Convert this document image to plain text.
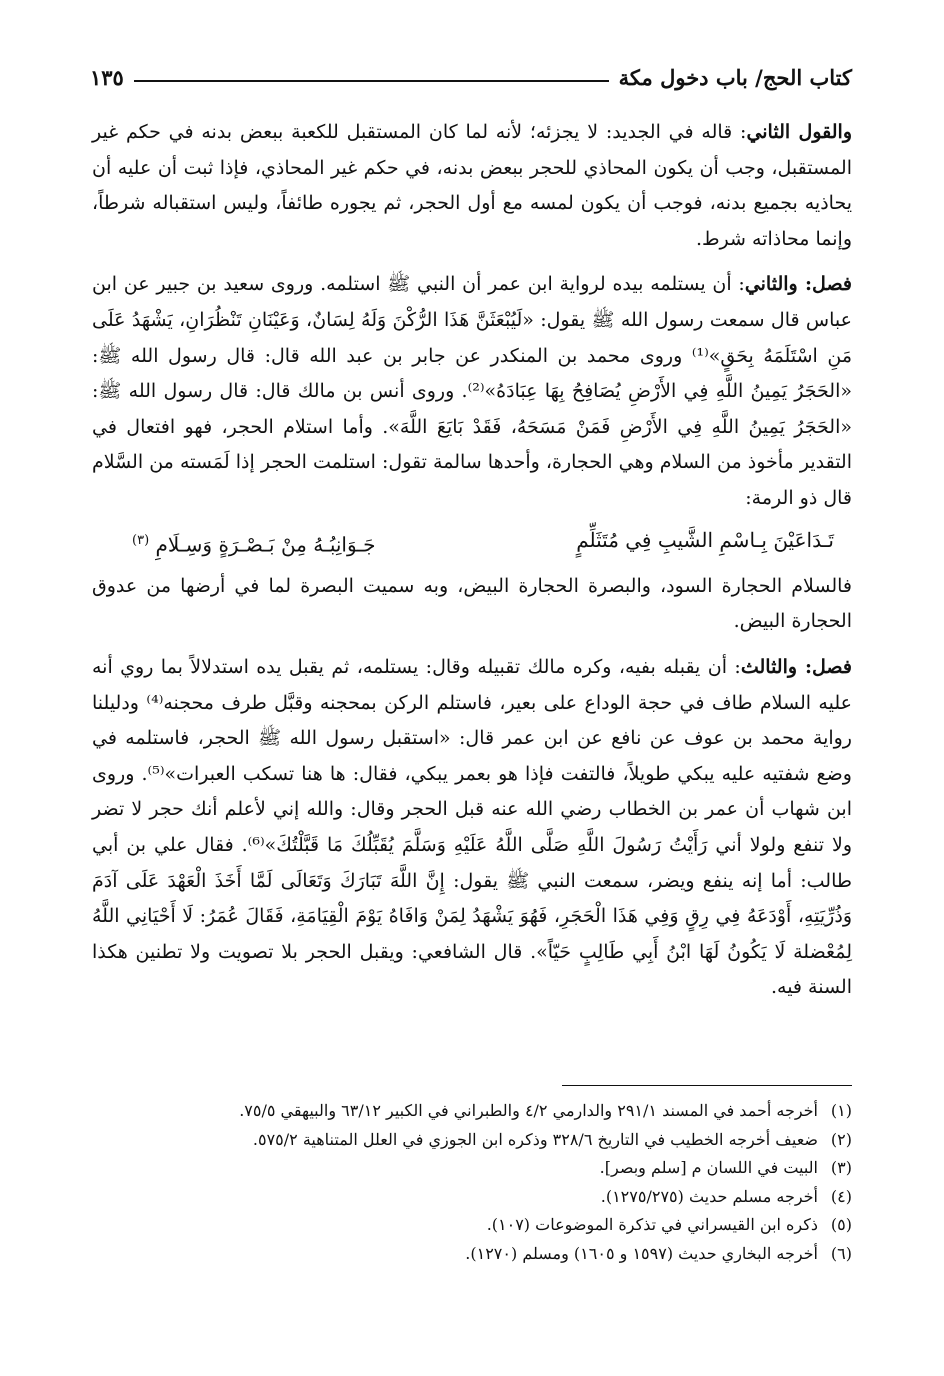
١٣٥	كتاب الحج/ باب دخول مكة

والقول الثاني: قاله في الجديد: لا يجزئه؛ لأنه لما كان المستقبل للكعبة ببعض بدنه في حكم غير المستقبل، وجب أن يكون المحاذي للحجر ببعض بدنه، في حكم غير المحاذي، فإذا ثبت أن عليه أن يحاذيه بجميع بدنه، فوجب أن يكون لمسه مع أول الحجر، ثم يجوره طائفاً، وليس استقباله شرطاً، وإنما محاذاته شرط.

فصل: والثاني: أن يستلمه بيده لرواية ابن عمر أن النبي ﷺ استلمه. وروى سعيد بن جبير عن ابن عباس قال سمعت رسول الله ﷺ يقول: «لَيُبْعَثَنَّ هَذَا الرُّكْنَ وَلَهُ لِسَانٌ، وَعَيْنَانِ تَنْظُرَانِ، يَشْهَدُ عَلَى مَنِ اسْتَلَمَهُ بِحَقٍ»⁽¹⁾ وروى محمد بن المنكدر عن جابر بن عبد الله قال: قال رسول الله ﷺ: «الحَجَرُ يَمِينُ اللَّهِ فِي الأَرْضِ يُصَافِحُ بِهَا عِبَادَهُ»⁽²⁾. وروى أنس بن مالك قال: قال رسول الله ﷺ: «الحَجَرُ يَمِينُ اللَّهِ فِي الأَرْضِ فَمَنْ مَسَحَهُ، فَقَدْ بَايَعَ اللَّهَ». وأما استلام الحجر، فهو افتعال في التقدير مأخوذ من السلام وهي الحجارة، وأحدها سالمة تقول: استلمت الحجر إذا لَمَسته من السَّلام قال ذو الرمة:

تَـدَاعَيْنَ بِـاسْمِ الشَّيبِ فِي مُتَثَلِّمٍ
جَـوَانِبُـهُ مِنْ بَـصْـرَةٍ وَسِـلَامِ $^{(٣)}$

فالسلام الحجارة السود، والبصرة الحجارة البيض، وبه سميت البصرة لما في أرضها من عدوق الحجارة البيض.

فصل: والثالث: أن يقبله بفيه، وكره مالك تقبيله وقال: يستلمه، ثم يقبل يده استدلالاً بما روي أنه عليه السلام طاف في حجة الوداع على بعير، فاستلم الركن بمحجنه وقبَّل طرف محجنه⁽⁴⁾ ودليلنا رواية محمد بن عوف عن نافع عن ابن عمر قال: «استقبل رسول الله ﷺ الحجر، فاستلمه في وضع شفتيه عليه يبكي طويلاً، فالتفت فإذا هو بعمر يبكي، فقال: ها هنا تسكب العبرات»⁽⁵⁾. وروى ابن شهاب أن عمر بن الخطاب رضي الله عنه قبل الحجر وقال: والله إني لأعلم أنك حجر لا تضر ولا تنفع ولولا أني رَأَيْتُ رَسُولَ اللَّهِ صَلَّى اللَّهُ عَلَيْهِ وَسَلَّمَ يُقَبِّلُكَ مَا قَبَّلْتُكَ»⁽⁶⁾. فقال علي بن أبي طالب: أما إنه ينفع ويضر، سمعت النبي ﷺ يقول: إِنَّ اللَّهَ تَبَارَكَ وَتَعَالَى لَمَّا أَخَذَ الْعَهْدَ عَلَى آدَمَ وَذُرِّيَتِهِ، أَوْدَعَهُ فِي رِقٍ وَفِي هَذَا الْحَجَرِ، فَهُوَ يَشْهَدُ لِمَنْ وَافَاهُ يَوْمَ الْقِيَامَةِ، فَقَالَ عُمَرُ: لَا أَحْيَانِي اللَّهُ لِمُعْضلة لَا يَكُونُ لَهَا ابْنُ أَبِي طَالِبٍ حَيّاً». قال الشافعي: ويقبل الحجر بلا تصويت ولا تطنين هكذا السنة فيه.

(١)
أخرجه أحمد في المسند ٢٩١/١ والدارمي ٤/٢ والطبراني في الكبير ٦٣/١٢ والبيهقي ٧٥/٥.
(٢)
ضعيف أخرجه الخطيب في التاريخ ٣٢٨/٦ وذكره ابن الجوزي في العلل المتناهية ٥٧٥/٢.
(٣)
البيت في اللسان م [سلم وبصر].
(٤)
أخرجه مسلم حديث (١٢٧٥/٢٧٥).
(٥)
ذكره ابن القيسراني في تذكرة الموضوعات (١٠٧).
(٦)
أخرجه البخاري حديث (١٥٩٧ و ١٦٠٥) ومسلم (١٢٧٠).
